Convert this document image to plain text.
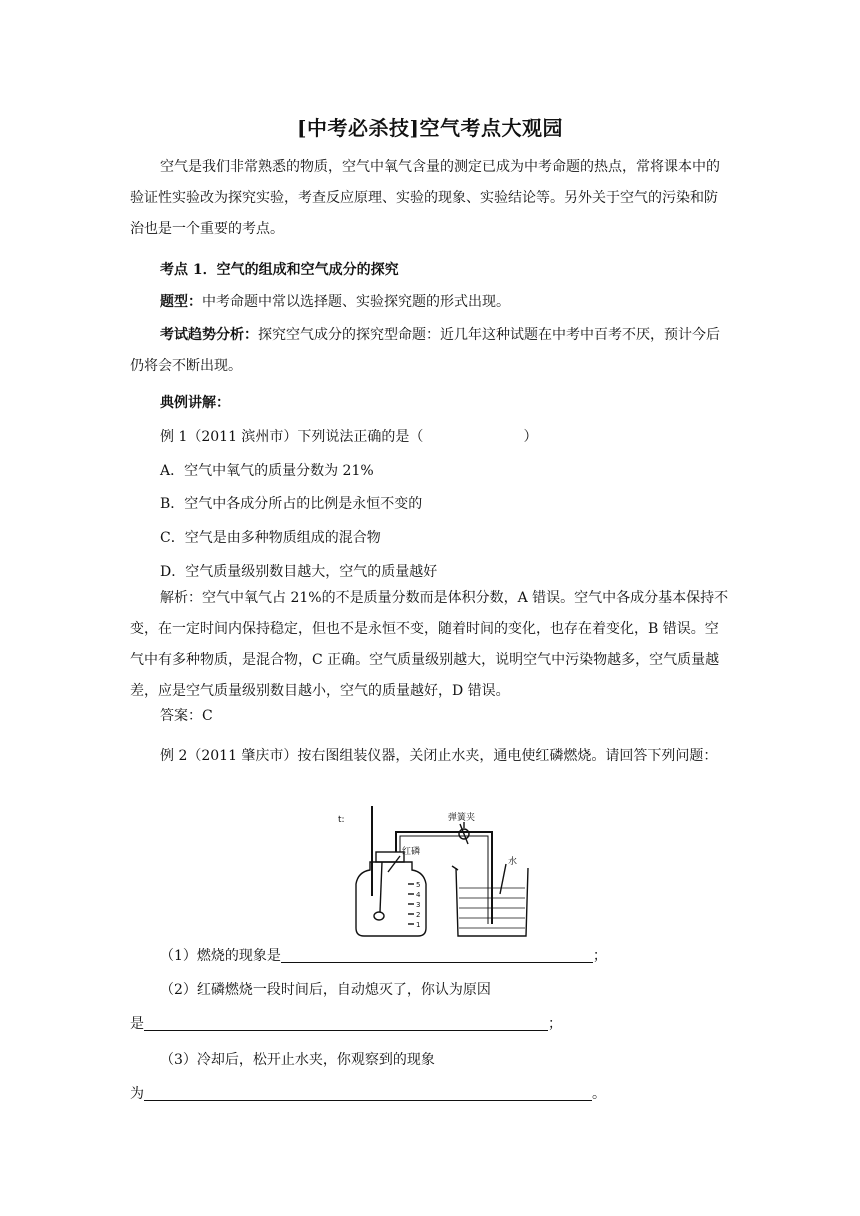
[中考必杀技]空气考点大观园

空气是我们非常熟悉的物质，空气中氧气含量的测定已成为中考命题的热点，常将课本中的验证性实验改为探究实验，考查反应原理、实验的现象、实验结论等。另外关于空气的污染和防治也是一个重要的考点。

考点 1．空气的组成和空气成分的探究

题型：中考命题中常以选择题、实验探究题的形式出现。

考试趋势分析：探究空气成分的探究型命题：近几年这种试题在中考中百考不厌，预计今后仍将会不断出现。

典例讲解：

例 1（2011 滨州市）下列说法正确的是（	）

A．空气中氧气的质量分数为 21%

B．空气中各成分所占的比例是永恒不变的

C．空气是由多种物质组成的混合物

D．空气质量级别数目越大，空气的质量越好

解析：空气中氧气占 21%的不是质量分数而是体积分数，A 错误。空气中各成分基本保持不变，在一定时间内保持稳定，但也不是永恒不变，随着时间的变化，也存在着变化，B 错误。空气中有多种物质，是混合物，C 正确。空气质量级别越大，说明空气中污染物越多，空气质量越差，应是空气质量级别数目越小，空气的质量越好，D 错误。

答案：C

例 2（2011 肇庆市）按右图组装仪器，关闭止水夹，通电使红磷燃烧。请回答下列问题：

t:	弹簧夹
红磷
水
5
4
3
2
1
（1）燃烧的现象是	；
（2）红磷燃烧一段时间后，自动熄灭了，你认为原因
是	；
（3）冷却后，松开止水夹，你观察到的现象
为	。
